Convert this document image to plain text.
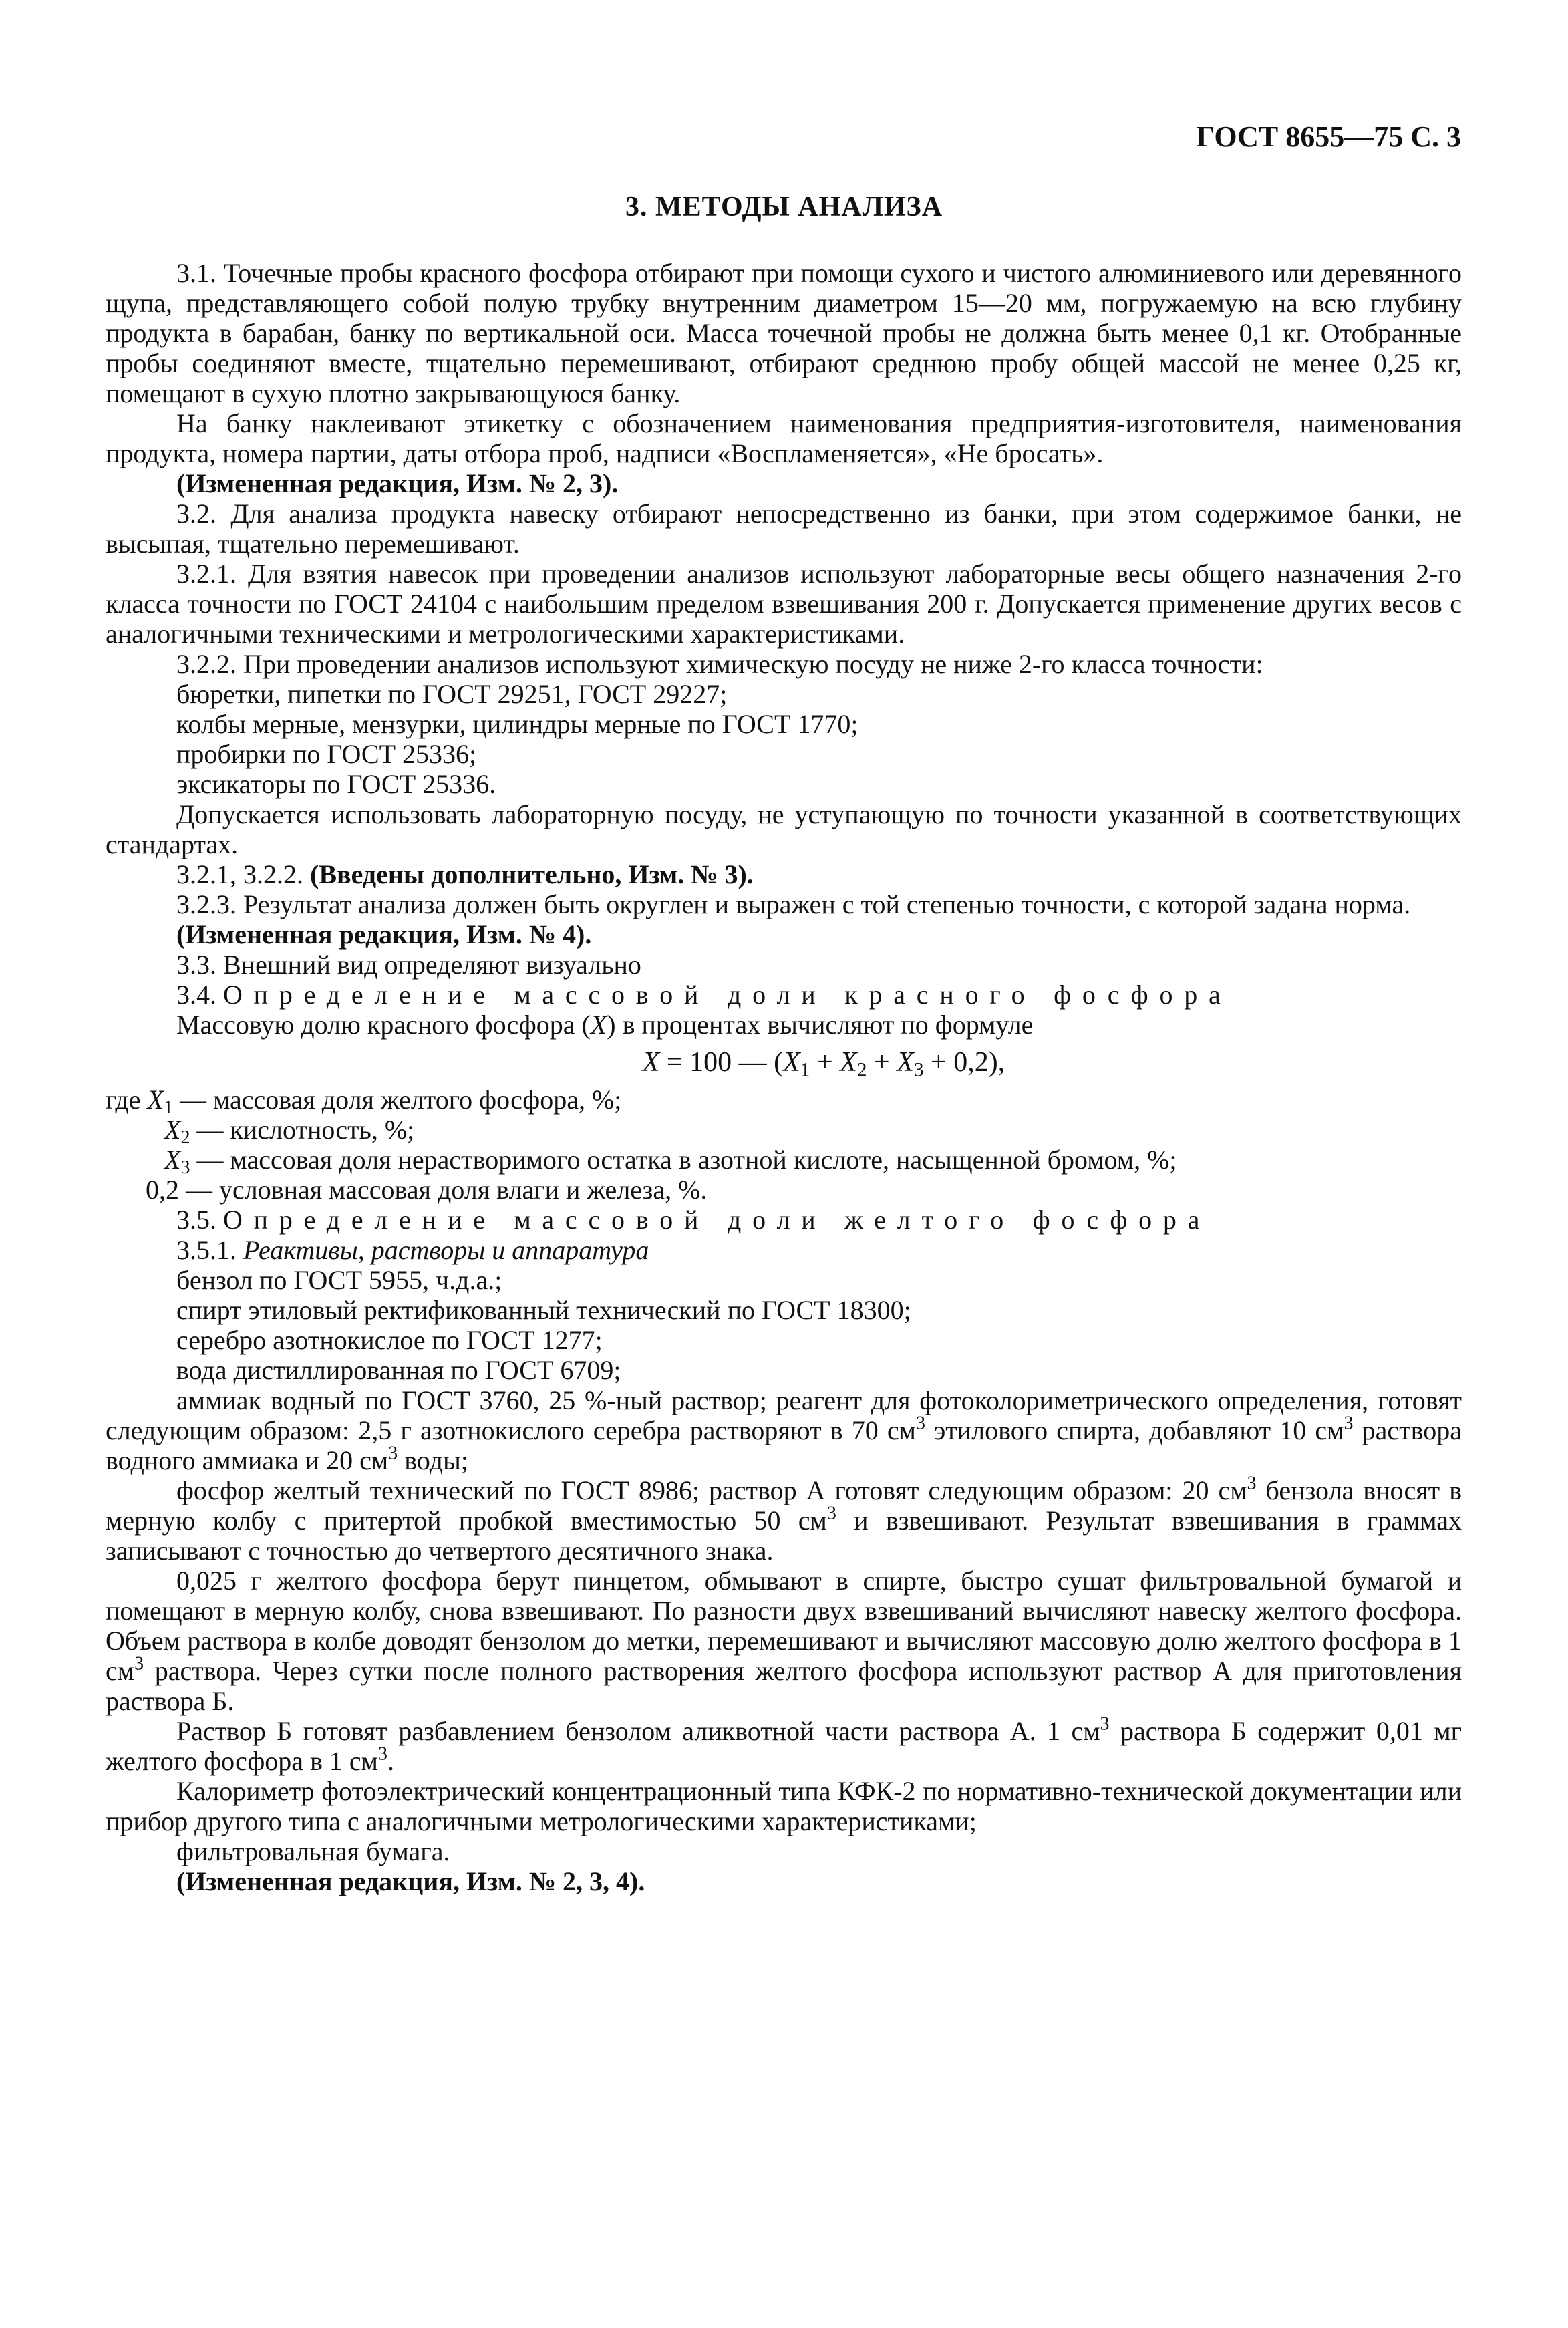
ГОСТ 8655—75 С. 3
3. МЕТОДЫ АНАЛИЗА

3.1. Точечные пробы красного фосфора отбирают при помощи сухого и чистого алюминиевого или деревянного щупа, представляющего собой полую трубку внутренним диаметром 15—20 мм, погружаемую на всю глубину продукта в барабан, банку по вертикальной оси. Масса точечной пробы не должна быть менее 0,1 кг. Отобранные пробы соединяют вместе, тщательно перемешивают, отбирают среднюю пробу общей массой не менее 0,25 кг, помещают в сухую плотно закрывающуюся банку.

На банку наклеивают этикетку с обозначением наименования предприятия-изготовителя, наименования продукта, номера партии, даты отбора проб, надписи «Воспламеняется», «Не бросать».

(Измененная редакция, Изм. № 2, 3).

3.2. Для анализа продукта навеску отбирают непосредственно из банки, при этом содержимое банки, не высыпая, тщательно перемешивают.

3.2.1. Для взятия навесок при проведении анализов используют лабораторные весы общего назначения 2-го класса точности по ГОСТ 24104 с наибольшим пределом взвешивания 200 г. Допускается применение других весов с аналогичными техническими и метрологическими характеристиками.

3.2.2. При проведении анализов используют химическую посуду не ниже 2-го класса точности:

бюретки, пипетки по ГОСТ 29251, ГОСТ 29227;

колбы мерные, мензурки, цилиндры мерные по ГОСТ 1770;

пробирки по ГОСТ 25336;

эксикаторы по ГОСТ 25336.

Допускается использовать лабораторную посуду, не уступающую по точности указанной в соответствующих стандартах.

3.2.1, 3.2.2. (Введены дополнительно, Изм. № 3).

3.2.3. Результат анализа должен быть округлен и выражен с той степенью точности, с которой задана норма.

(Измененная редакция, Изм. № 4).

3.3. Внешний вид определяют визуально

3.4. Определение массовой доли красного фосфора

Массовую долю красного фосфора (X) в процентах вычисляют по формуле

X = 100 — $(X_1 + X_2 + X_3 + 0,2)$,

где $X_1$ — массовая доля желтого фосфора, %;

$X_2$ — кислотность, %;

$X_3$ — массовая доля нерастворимого остатка в азотной кислоте, насыщенной бромом, %;

0,2 — условная массовая доля влаги и железа, %.

3.5. Определение массовой доли желтого фосфора

3.5.1. Реактивы, растворы и аппаратура

бензол по ГОСТ 5955, ч.д.а.;

спирт этиловый ректификованный технический по ГОСТ 18300;

серебро азотнокислое по ГОСТ 1277;

вода дистиллированная по ГОСТ 6709;

аммиак водный по ГОСТ 3760, 25 %-ный раствор; реагент для фотоколориметрического определения, готовят следующим образом: 2,5 г азотнокислого серебра растворяют в 70 $см^3$ этилового спирта, добавляют 10 $см^3$ раствора водного аммиака и 20 $см^3$ воды;

фосфор желтый технический по ГОСТ 8986; раствор А готовят следующим образом: 20 $см^3$ бензола вносят в мерную колбу с притертой пробкой вместимостью 50 $см^3$ и взвешивают. Результат взвешивания в граммах записывают с точностью до четвертого десятичного знака.

0,025 г желтого фосфора берут пинцетом, обмывают в спирте, быстро сушат фильтровальной бумагой и помещают в мерную колбу, снова взвешивают. По разности двух взвешиваний вычисляют навеску желтого фосфора. Объем раствора в колбе доводят бензолом до метки, перемешивают и вычисляют массовую долю желтого фосфора в 1 $см^3$ раствора. Через сутки после полного растворения желтого фосфора используют раствор А для приготовления раствора Б.

Раствор Б готовят разбавлением бензолом аликвотной части раствора А. 1 $см^3$ раствора Б содержит 0,01 мг желтого фосфора в 1 $см^3$.

Калориметр фотоэлектрический концентрационный типа КФК-2 по нормативно-технической документации или прибор другого типа с аналогичными метрологическими характеристиками;

фильтровальная бумага.

(Измененная редакция, Изм. № 2, 3, 4).
